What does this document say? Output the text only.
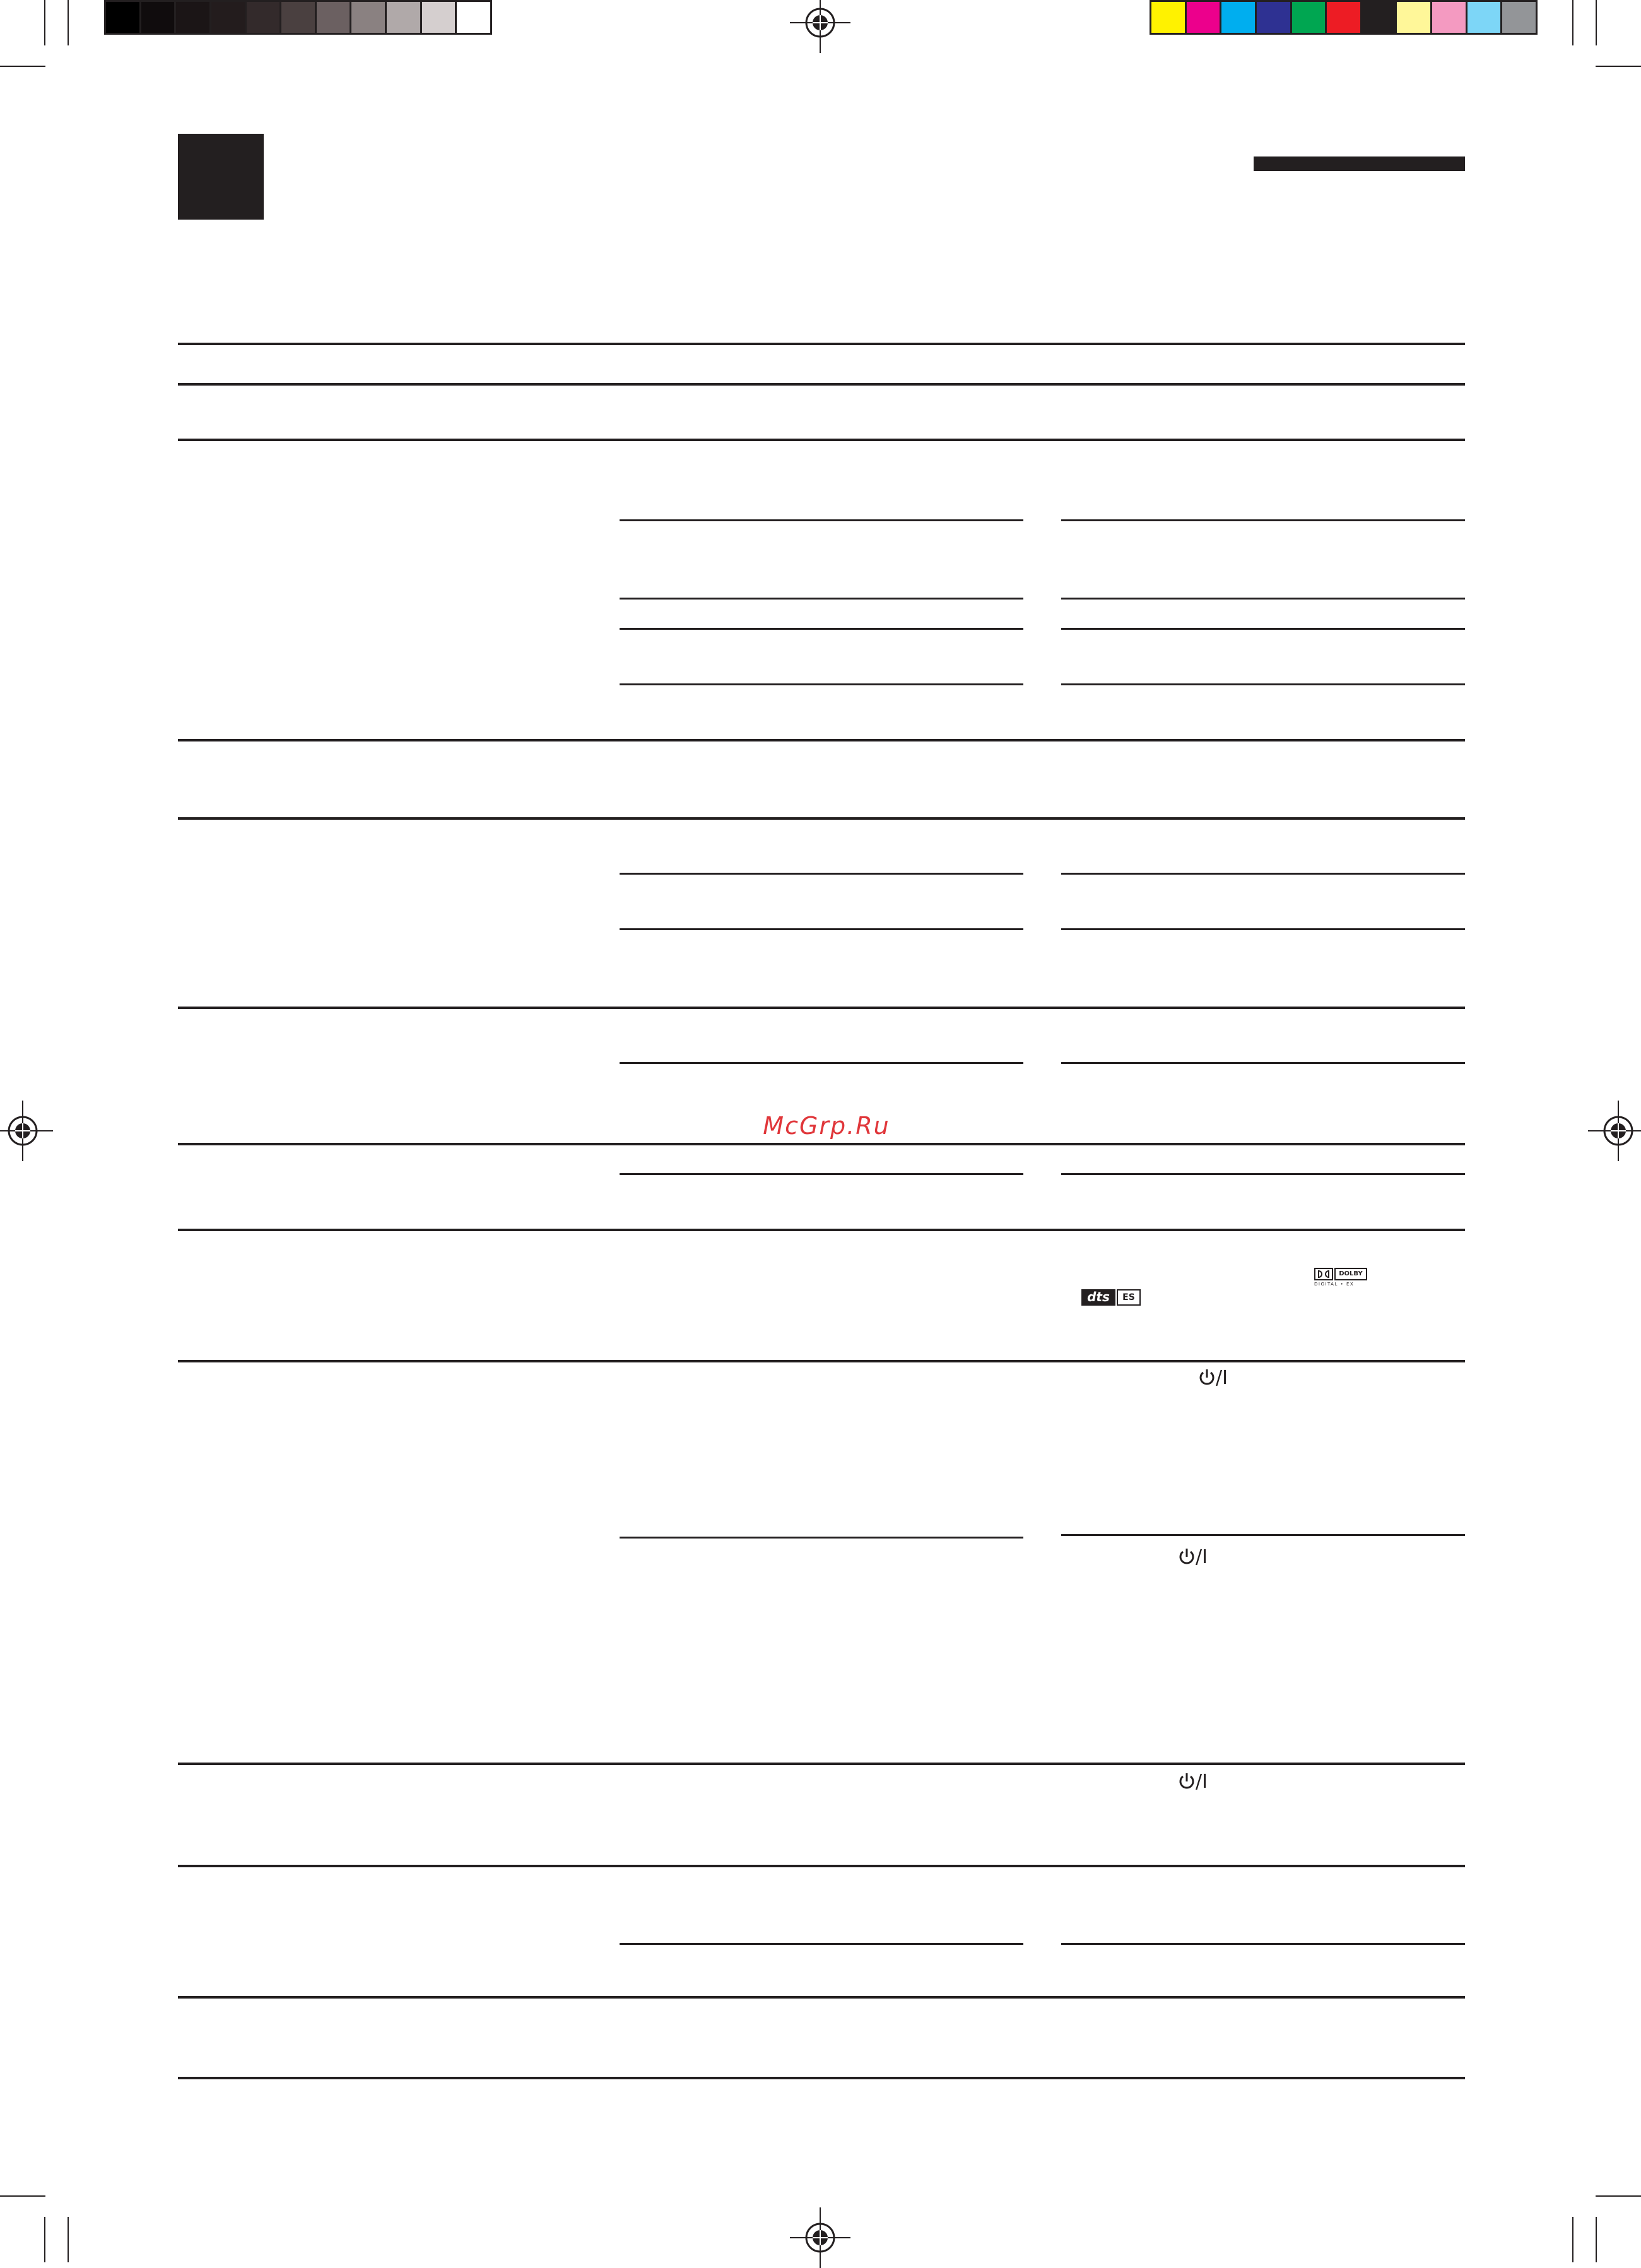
McGrp.Ru
DOLBY
DIGITAL • EX
dts	ES
/I
/I
/I
